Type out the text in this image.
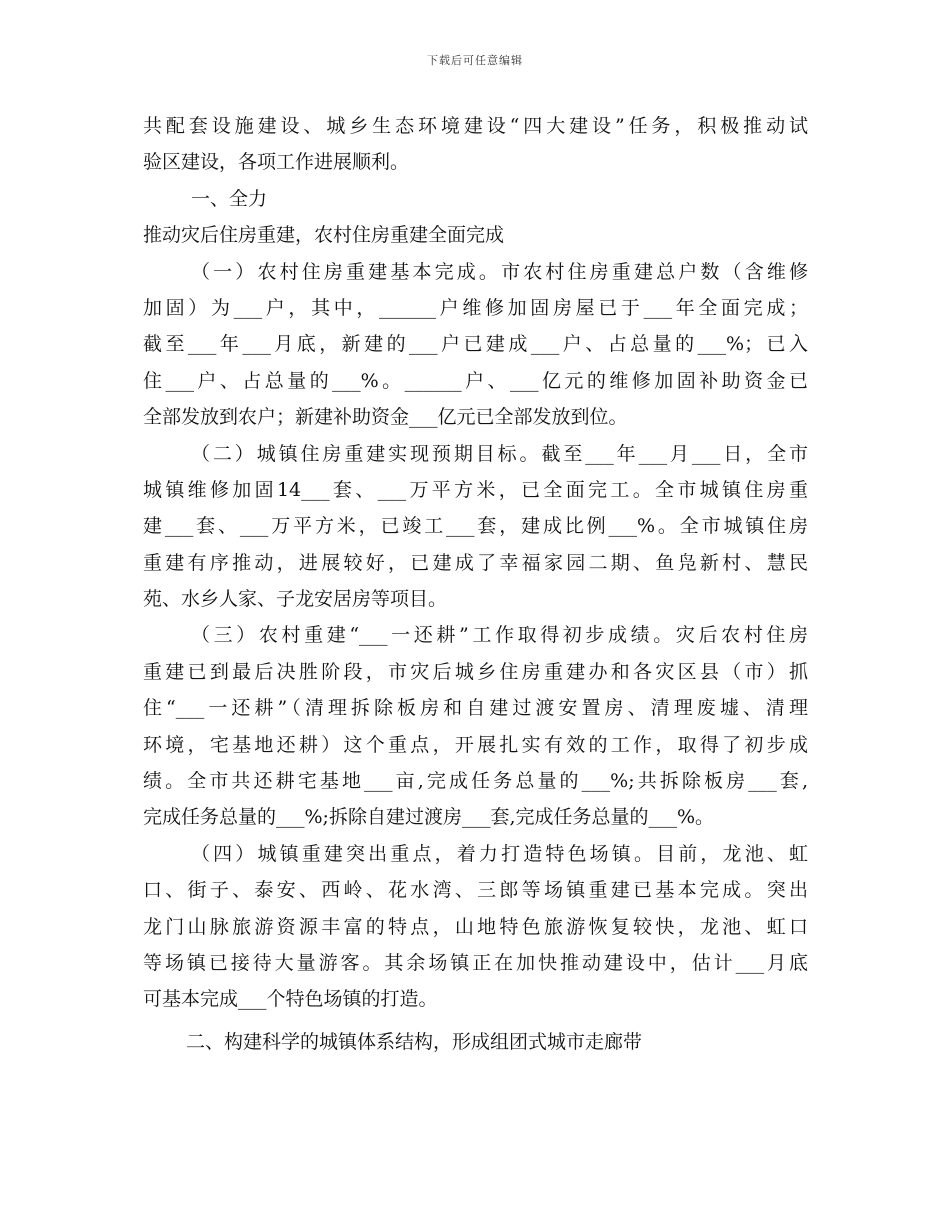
下载后可任意编辑
共配套设施建设、城乡生态环境建设“四大建设”任务，积极推动试
验区建设，各项工作进展顺利。
一、全力
推动灾后住房重建，农村住房重建全面完成
（一）农村住房重建基本完成。市农村住房重建总户数（含维修
加固）为___户，其中，______户维修加固房屋已于___年全面完成；
截至___年___月底，新建的___户已建成___户、占总量的___%；已入
住___户、占总量的___%。______户、___亿元的维修加固补助资金已
全部发放到农户；新建补助资金___亿元已全部发放到位。
（二）城镇住房重建实现预期目标。截至___年___月___日，全市
城镇维修加固14___套、___万平方米，已全面完工。全市城镇住房重
建___套、___万平方米，已竣工___套，建成比例___%。全市城镇住房
重建有序推动，进展较好，已建成了幸福家园二期、鱼凫新村、慧民
苑、水乡人家、子龙安居房等项目。
（三）农村重建“___一还耕”工作取得初步成绩。灾后农村住房
重建已到最后决胜阶段，市灾后城乡住房重建办和各灾区县（市）抓
住“___一还耕”（清理拆除板房和自建过渡安置房、清理废墟、清理
环境，宅基地还耕）这个重点，开展扎实有效的工作，取得了初步成
绩。全市共还耕宅基地___亩,完成任务总量的___%;共拆除板房___套,
完成任务总量的___%;拆除自建过渡房___套,完成任务总量的___%。
（四）城镇重建突出重点，着力打造特色场镇。目前，龙池、虹
口、街子、泰安、西岭、花水湾、三郎等场镇重建已基本完成。突出
龙门山脉旅游资源丰富的特点，山地特色旅游恢复较快，龙池、虹口
等场镇已接待大量游客。其余场镇正在加快推动建设中，估计___月底
可基本完成___个特色场镇的打造。
二、构建科学的城镇体系结构，形成组团式城市走廊带
